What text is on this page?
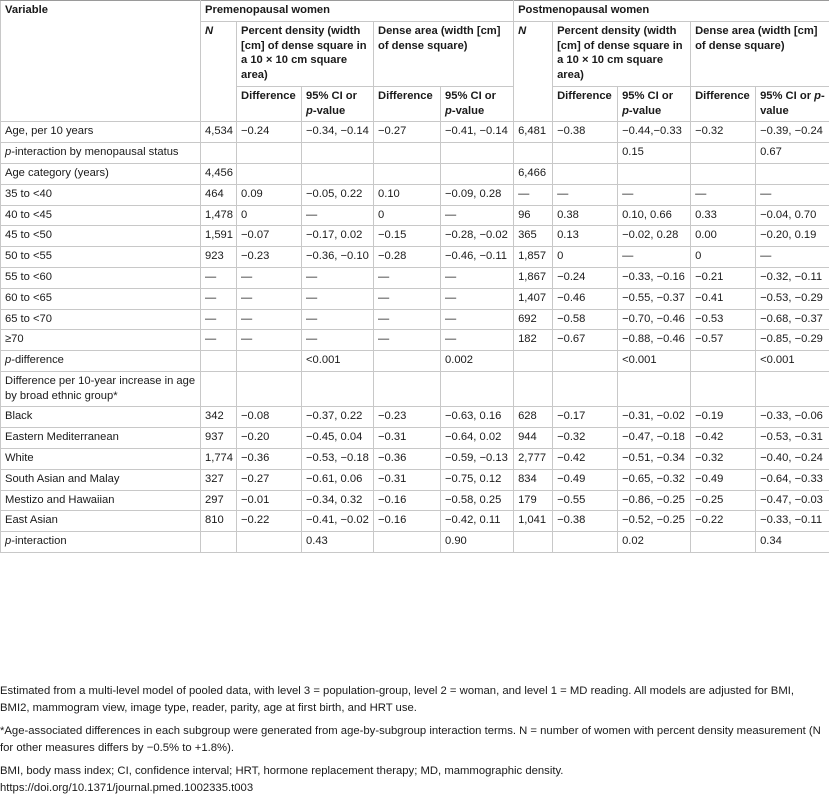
Variable	Premenopausal women					Postmenopausal women				
	N	Percent density (width [cm] of dense square in a 10 × 10 cm square area)		Dense area (width [cm] of dense square)		N	Percent density (width [cm] of dense square in a 10 × 10 cm square area)		Dense area (width [cm] of dense square)	
		Difference	95% CI or p-value	Difference	95% CI or p-value		Difference	95% CI or p-value	Difference	95% CI or p-value
Age, per 10 years	4,534	−0.24	−0.34, −0.14	−0.27	−0.41, −0.14	6,481	−0.38	−0.44,−0.33	−0.32	−0.39, −0.24
p-interaction by menopausal status								0.15		0.67
Age category (years)	4,456					6,466				
35 to <40	464	0.09	−0.05, 0.22	0.10	−0.09, 0.28	—	—	—	—	—
40 to <45	1,478	0	—	0	—	96	0.38	0.10, 0.66	0.33	−0.04, 0.70
45 to <50	1,591	−0.07	−0.17, 0.02	−0.15	−0.28, −0.02	365	0.13	−0.02, 0.28	0.00	−0.20, 0.19
50 to <55	923	−0.23	−0.36, −0.10	−0.28	−0.46, −0.11	1,857	0	—	0	—
55 to <60	—	—	—	—	—	1,867	−0.24	−0.33, −0.16	−0.21	−0.32, −0.11
60 to <65	—	—	—	—	—	1,407	−0.46	−0.55, −0.37	−0.41	−0.53, −0.29
65 to <70	—	—	—	—	—	692	−0.58	−0.70, −0.46	−0.53	−0.68, −0.37
≥70	—	—	—	—	—	182	−0.67	−0.88, −0.46	−0.57	−0.85, −0.29
p-difference			<0.001		0.002			<0.001		<0.001
Difference per 10-year increase in age by broad ethnic group*										
Black	342	−0.08	−0.37, 0.22	−0.23	−0.63, 0.16	628	−0.17	−0.31, −0.02	−0.19	−0.33, −0.06
Eastern Mediterranean	937	−0.20	−0.45, 0.04	−0.31	−0.64, 0.02	944	−0.32	−0.47, −0.18	−0.42	−0.53, −0.31
White	1,774	−0.36	−0.53, −0.18	−0.36	−0.59, −0.13	2,777	−0.42	−0.51, −0.34	−0.32	−0.40, −0.24
South Asian and Malay	327	−0.27	−0.61, 0.06	−0.31	−0.75, 0.12	834	−0.49	−0.65, −0.32	−0.49	−0.64, −0.33
Mestizo and Hawaiian	297	−0.01	−0.34, 0.32	−0.16	−0.58, 0.25	179	−0.55	−0.86, −0.25	−0.25	−0.47, −0.03
East Asian	810	−0.22	−0.41, −0.02	−0.16	−0.42, 0.11	1,041	−0.38	−0.52, −0.25	−0.22	−0.33, −0.11
p-interaction			0.43		0.90			0.02		0.34

Estimated from a multi-level model of pooled data, with level 3 = population-group, level 2 = woman, and level 1 = MD reading. All models are adjusted for BMI, BMI2, mammogram view, image type, reader, parity, age at first birth, and HRT use.

*Age-associated differences in each subgroup were generated from age-by-subgroup interaction terms. N = number of women with percent density measurement (N for other measures differs by −0.5% to +1.8%).

BMI, body mass index; CI, confidence interval; HRT, hormone replacement therapy; MD, mammographic density.

https://doi.org/10.1371/journal.pmed.1002335.t003
